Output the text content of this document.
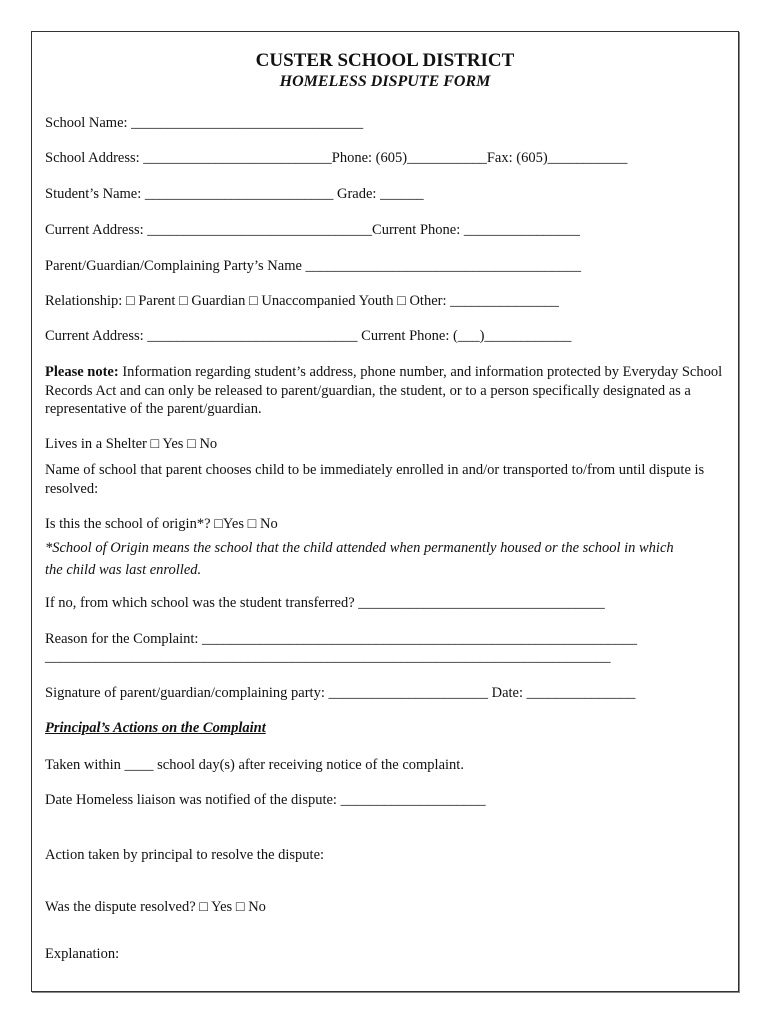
CUSTER SCHOOL DISTRICT
HOMELESS DISPUTE FORM
School Name: ________________________________
School Address: __________________________Phone: (605)___________Fax: (605)___________
Student’s Name: __________________________ Grade: ______
Current Address: _______________________________Current Phone: ________________
Parent/Guardian/Complaining Party’s Name ______________________________________
Relationship: □ Parent □ Guardian □ Unaccompanied Youth □ Other: _______________
Current Address: _____________________________ Current Phone: (___)____________
Please note: Information regarding student’s address, phone number, and information protected by Everyday School Records Act and can only be released to parent/guardian, the student, or to a person specifically designated as a representative of the parent/guardian.
Lives in a Shelter □ Yes □ No
Name of school that parent chooses child to be immediately enrolled in and/or transported to/from until dispute is resolved:
Is this the school of origin*? □Yes □ No
*School of Origin means the school that the child attended when permanently housed or the school in which the child was last enrolled.
If no, from which school was the student transferred? __________________________________
Reason for the Complaint: ____________________________________________________________
______________________________________________________________________________
Signature of parent/guardian/complaining party: ______________________ Date: _______________
Principal’s Actions on the Complaint
Taken within ____ school day(s) after receiving notice of the complaint.
Date Homeless liaison was notified of the dispute: ____________________
Action taken by principal to resolve the dispute:
Was the dispute resolved? □ Yes □ No
Explanation:
